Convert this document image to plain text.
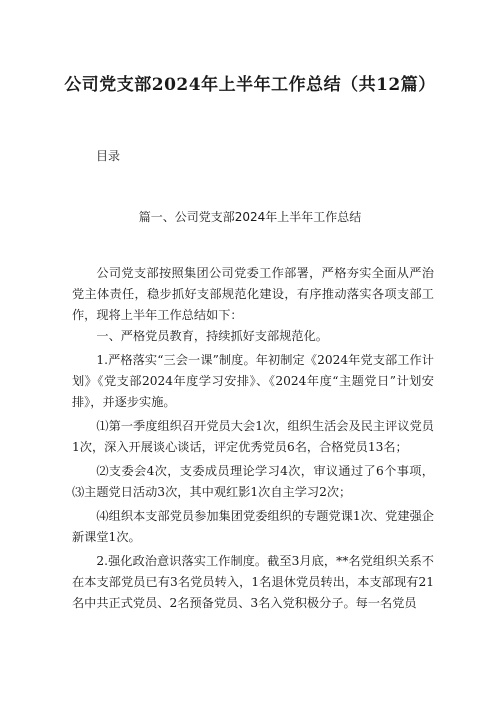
公司党支部2024年上半年工作总结（共12篇）
目录
篇一、公司党支部2024年上半年工作总结

公司党支部按照集团公司党委工作部署，严格夯实全面从严治党主体责任，稳步抓好支部规范化建设，有序推动落实各项支部工作，现将上半年工作总结如下：

一、严格党员教育，持续抓好支部规范化。

1.严格落实“三会一课”制度。年初制定《2024年党支部工作计划》《党支部2024年度学习安排》、《2024年度“主题党日”计划安排》，并逐步实施。

⑴第一季度组织召开党员大会1次，组织生活会及民主评议党员1次，深入开展谈心谈话，评定优秀党员6名，合格党员13名；

⑵支委会4次，支委成员理论学习4次，审议通过了6个事项，⑶主题党日活动3次，其中观红影1次自主学习2次；

⑷组织本支部党员参加集团党委组织的专题党课1次、党建强企新课堂1次。

2.强化政治意识落实工作制度。截至3月底，**名党组织关系不在本支部党员已有3名党员转入，1名退休党员转出，本支部现有21名中共正式党员、2名预备党员、3名入党积极分子。每一名党员
